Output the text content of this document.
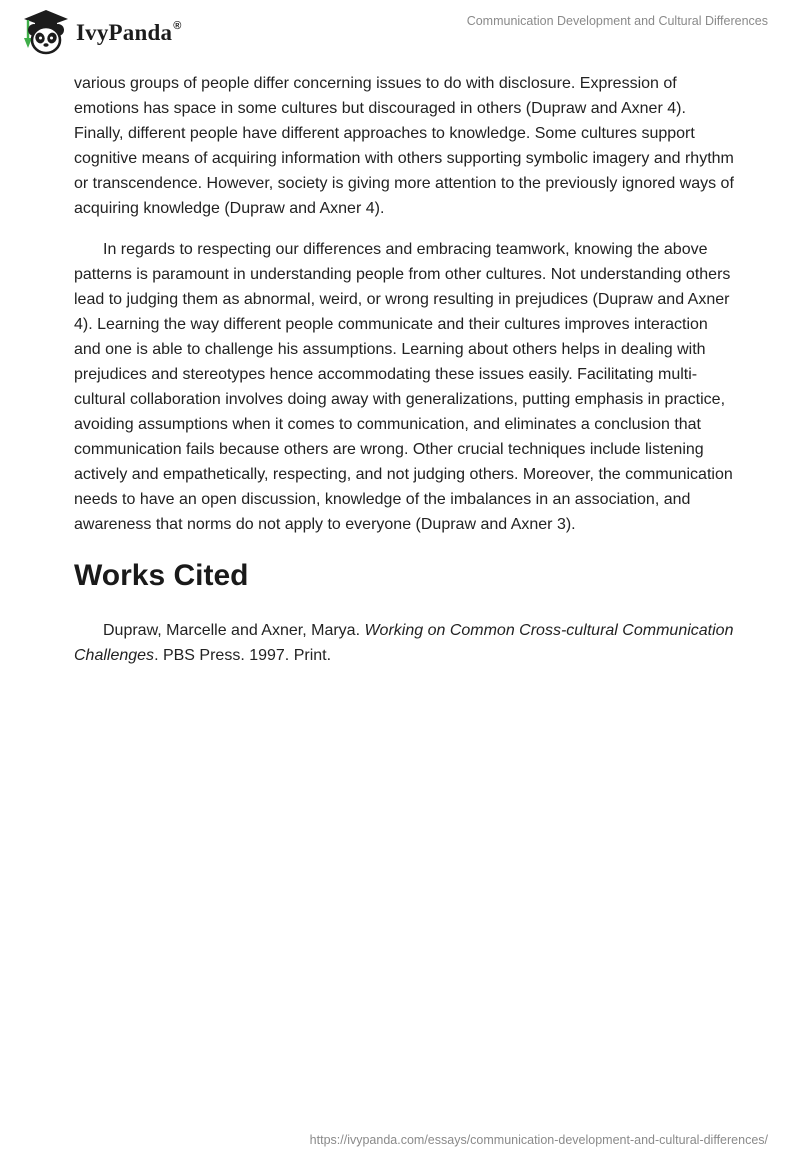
IvyPanda®	Communication Development and Cultural Differences

various groups of people differ concerning issues to do with disclosure. Expression of emotions has space in some cultures but discouraged in others (Dupraw and Axner 4). Finally, different people have different approaches to knowledge. Some cultures support cognitive means of acquiring information with others supporting symbolic imagery and rhythm or transcendence. However, society is giving more attention to the previously ignored ways of acquiring knowledge (Dupraw and Axner 4).

In regards to respecting our differences and embracing teamwork, knowing the above patterns is paramount in understanding people from other cultures. Not understanding others lead to judging them as abnormal, weird, or wrong resulting in prejudices (Dupraw and Axner 4). Learning the way different people communicate and their cultures improves interaction and one is able to challenge his assumptions. Learning about others helps in dealing with prejudices and stereotypes hence accommodating these issues easily. Facilitating multi-cultural collaboration involves doing away with generalizations, putting emphasis in practice, avoiding assumptions when it comes to communication, and eliminates a conclusion that communication fails because others are wrong. Other crucial techniques include listening actively and empathetically, respecting, and not judging others. Moreover, the communication needs to have an open discussion, knowledge of the imbalances in an association, and awareness that norms do not apply to everyone (Dupraw and Axner 3).

Works Cited

Dupraw, Marcelle and Axner, Marya. Working on Common Cross-cultural Communication Challenges. PBS Press. 1997. Print.

https://ivypanda.com/essays/communication-development-and-cultural-differences/
